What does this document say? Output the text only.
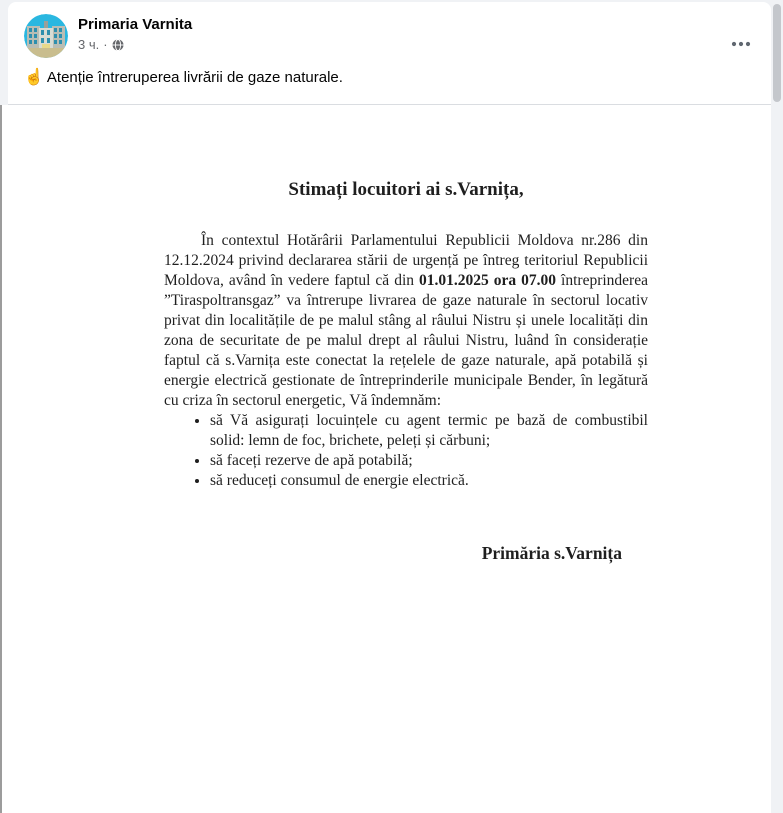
Primaria Varnita
3 ч. ·
☝ Atenție întreruperea livrării de gaze naturale.
Stimați locuitori ai s.Varnița,

În contextul Hotărârii Parlamentului Republicii Moldova nr.286 din 12.12.2024 privind declararea stării de urgență pe întreg teritoriul Republicii Moldova, având în vedere faptul că din 01.01.2025 ora 07.00 întreprinderea ”Tiraspoltransgaz” va întrerupe livrarea de gaze naturale în sectorul locativ privat din localitățile de pe malul stâng al râului Nistru și unele localități din zona de securitate de pe malul drept al râului Nistru, luând în considerație faptul că s.Varnița este conectat la rețelele de gaze naturale, apă potabilă și energie electrică gestionate de întreprinderile municipale Bender, în legătură cu criza în sectorul energetic, Vă îndemnăm:

• să Vă asigurați locuințele cu agent termic pe bază de combustibil solid: lemn de foc, brichete, peleți și cărbuni;
• să faceți rezerve de apă potabilă;
• să reduceți consumul de energie electrică.
Primăria s.Varnița
